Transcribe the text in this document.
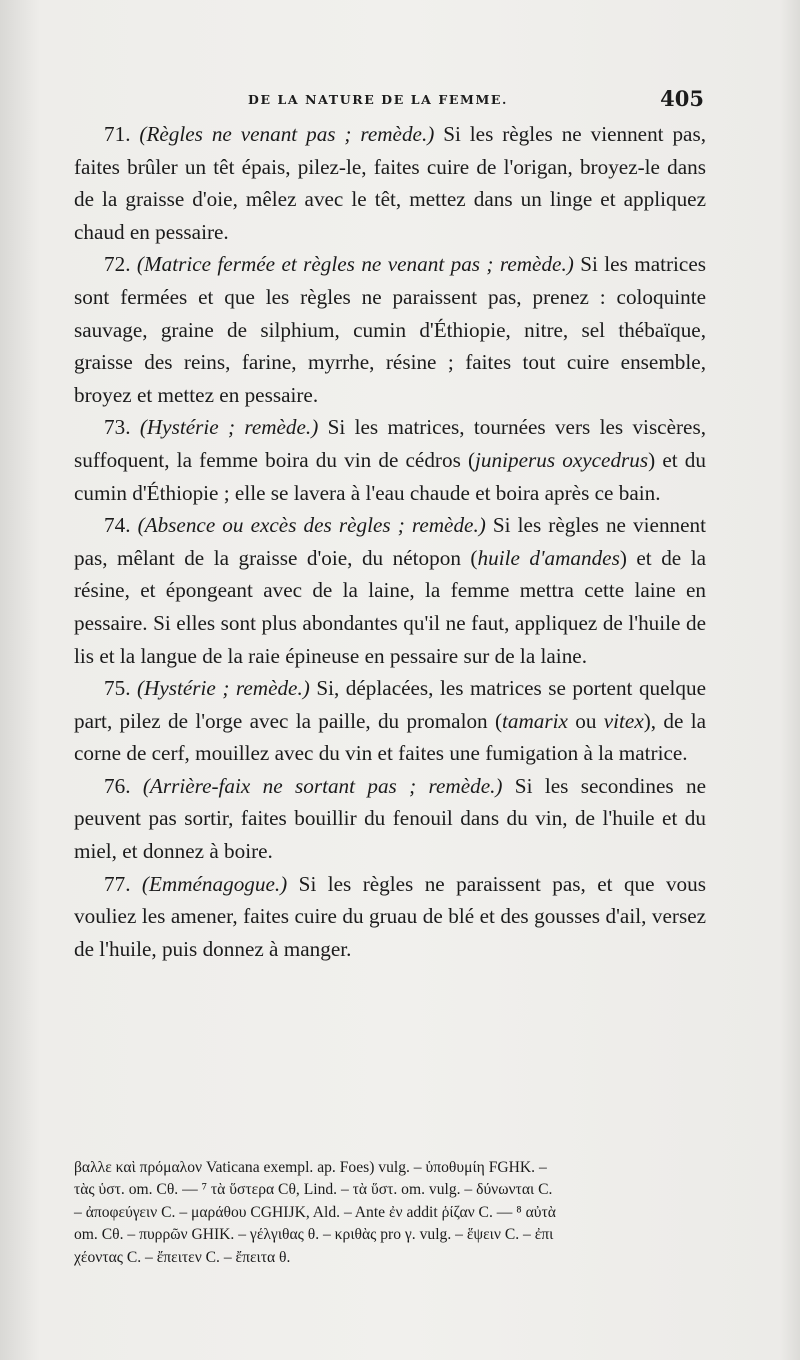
DE LA NATURE DE LA FEMME.	405

71. (Règles ne venant pas ; remède.) Si les règles ne viennent pas, faites brûler un têt épais, pilez-le, faites cuire de l'origan, broyez-le dans de la graisse d'oie, mêlez avec le têt, mettez dans un linge et appliquez chaud en pessaire.

72. (Matrice fermée et règles ne venant pas ; remède.) Si les matrices sont fermées et que les règles ne paraissent pas, prenez : coloquinte sauvage, graine de silphium, cumin d'Éthiopie, nitre, sel thébaïque, graisse des reins, farine, myrrhe, résine ; faites tout cuire ensemble, broyez et mettez en pessaire.

73. (Hystérie ; remède.) Si les matrices, tournées vers les viscères, suffoquent, la femme boira du vin de cédros (juniperus oxycedrus) et du cumin d'Éthiopie ; elle se lavera à l'eau chaude et boira après ce bain.

74. (Absence ou excès des règles ; remède.) Si les règles ne viennent pas, mêlant de la graisse d'oie, du nétopon (huile d'amandes) et de la résine, et épongeant avec de la laine, la femme mettra cette laine en pessaire. Si elles sont plus abondantes qu'il ne faut, appliquez de l'huile de lis et la langue de la raie épineuse en pessaire sur de la laine.

75. (Hystérie ; remède.) Si, déplacées, les matrices se portent quelque part, pilez de l'orge avec la paille, du promalon (tamarix ou vitex), de la corne de cerf, mouillez avec du vin et faites une fumigation à la matrice.

76. (Arrière-faix ne sortant pas ; remède.) Si les secondines ne peuvent pas sortir, faites bouillir du fenouil dans du vin, de l'huile et du miel, et donnez à boire.

77. (Emménagogue.) Si les règles ne paraissent pas, et que vous vouliez les amener, faites cuire du gruau de blé et des gousses d'ail, versez de l'huile, puis donnez à manger.

βαλλε καὶ πρόμαλον Vaticana exempl. ap. Foes) vulg. – ὑποθυμίη FGHK. –

τὰς ὑστ. om. Cθ. — ⁷ τὰ ὕστερα Cθ, Lind. – τὰ ὕστ. om. vulg. – δύνωνται C.

– ἀποφεύγειν C. – μαράθου CGHIJK, Ald. – Ante ἐν addit ῥίζαν C. — ⁸ αὐτὰ

om. Cθ. – πυρρῶν GHIK. – γέλγιθας θ. – κριθὰς pro γ. vulg. – ἕψειν C. – ἐπι

χέοντας C. – ἔπειτεν C. – ἔπειτα θ.
